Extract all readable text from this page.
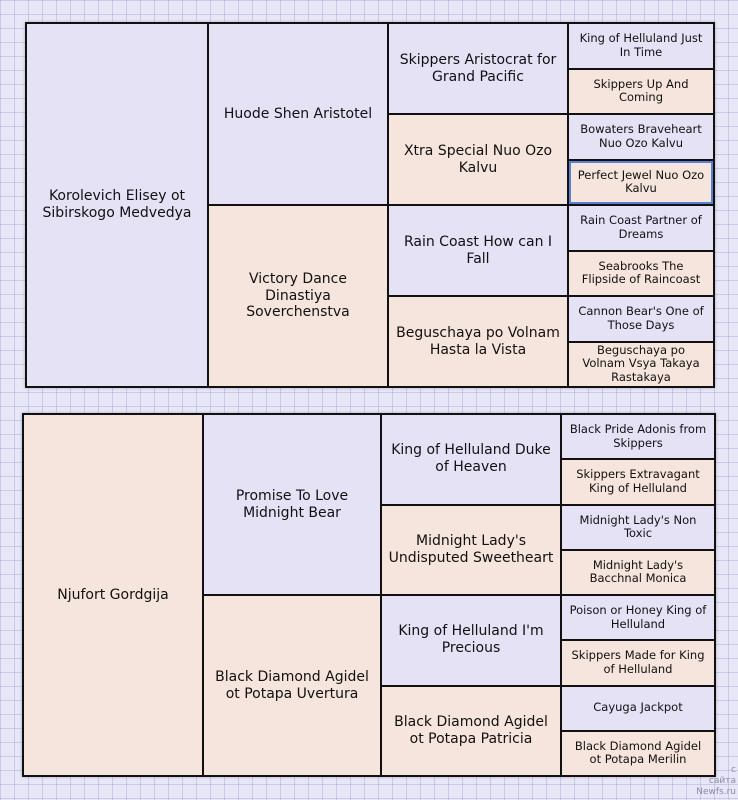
Korolevich Elisey ot Sibirskogo Medvedya
Huode Shen Aristotel
Victory Dance Dinastiya Soverchenstva
Skippers Aristocrat for Grand Pacific
Xtra Special Nuo Ozo Kalvu
Rain Coast How can I Fall
Beguschaya po Volnam Hasta la Vista
King of Helluland Just In Time
Skippers Up And Coming
Bowaters Braveheart Nuo Ozo Kalvu
Perfect Jewel Nuo Ozo Kalvu
Rain Coast Partner of Dreams
Seabrooks The Flipside of Raincoast
Cannon Bear's One of Those Days
Beguschaya po Volnam Vsya Takaya Rastakaya
Njufort Gordgija
Promise To Love Midnight Bear
Black Diamond Agidel ot Potapa Uvertura
King of Helluland Duke of Heaven
Midnight Lady's Undisputed Sweetheart
King of Helluland I'm Precious
Black Diamond Agidel ot Potapa Patricia
Black Pride Adonis from Skippers
Skippers Extravagant King of Helluland
Midnight Lady's Non Toxic
Midnight Lady's Bacchnal Monica
Poison or Honey King of Helluland
Skippers Made for King of Helluland
Cayuga Jackpot
Black Diamond Agidel ot Potapa Merilin
с
сайта
Newfs.ru
